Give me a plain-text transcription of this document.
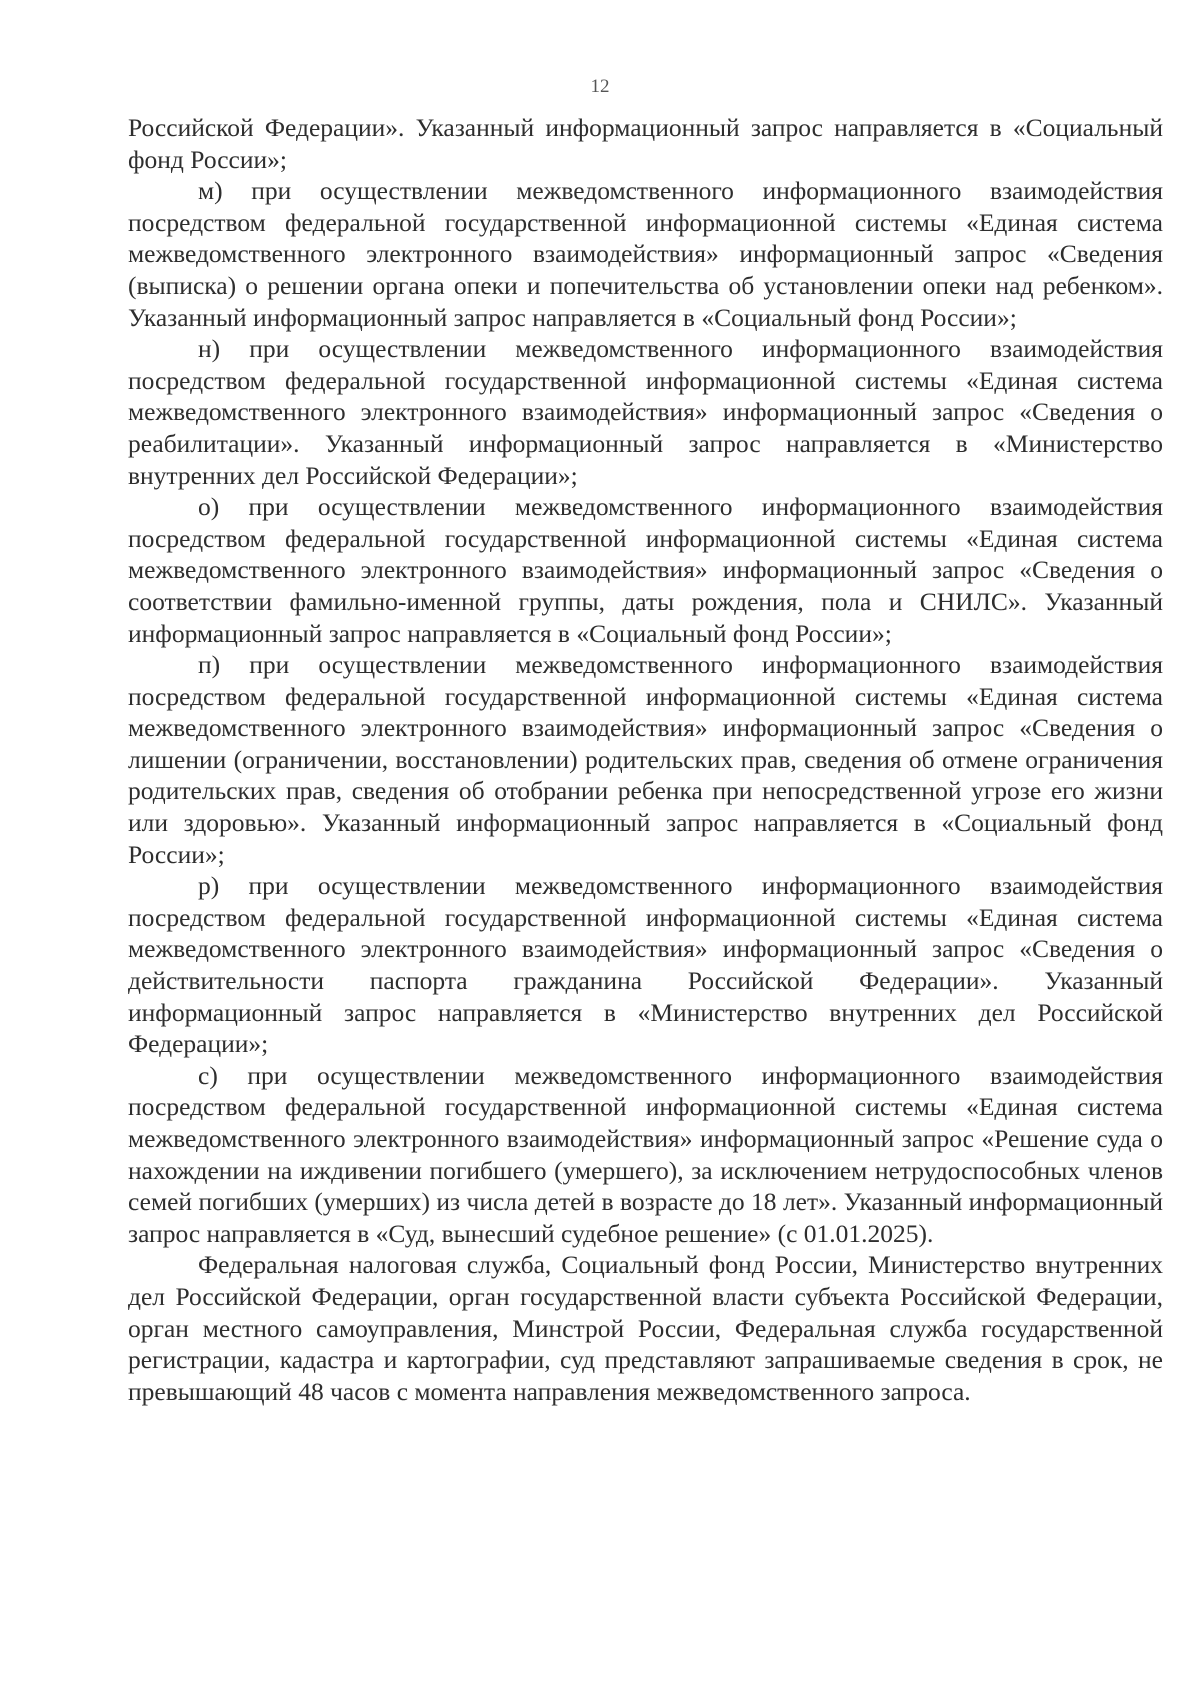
12

Российской Федерации». Указанный информационный запрос направляется в «Социальный фонд России»;

м) при осуществлении межведомственного информационного взаимодействия посредством федеральной государственной информационной системы «Единая система межведомственного электронного взаимодействия» информационный запрос «Сведения (выписка) о решении органа опеки и попечительства об установлении опеки над ребенком». Указанный информационный запрос направляется в «Социальный фонд России»;

н) при осуществлении межведомственного информационного взаимодействия посредством федеральной государственной информационной системы «Единая система межведомственного электронного взаимодействия» информационный запрос «Сведения о реабилитации». Указанный информационный запрос направляется в «Министерство внутренних дел Российской Федерации»;

о) при осуществлении межведомственного информационного взаимодействия посредством федеральной государственной информационной системы «Единая система межведомственного электронного взаимодействия» информационный запрос «Сведения о соответствии фамильно-именной группы, даты рождения, пола и СНИЛС». Указанный информационный запрос направляется в «Социальный фонд России»;

п) при осуществлении межведомственного информационного взаимодействия посредством федеральной государственной информационной системы «Единая система межведомственного электронного взаимодействия» информационный запрос «Сведения о лишении (ограничении, восстановлении) родительских прав, сведения об отмене ограничения родительских прав, сведения об отобрании ребенка при непосредственной угрозе его жизни или здоровью». Указанный информационный запрос направляется в «Социальный фонд России»;

р) при осуществлении межведомственного информационного взаимодействия посредством федеральной государственной информационной системы «Единая система межведомственного электронного взаимодействия» информационный запрос «Сведения о действительности паспорта гражданина Российской Федерации». Указанный информационный запрос направляется в «Министерство внутренних дел Российской Федерации»;

с) при осуществлении межведомственного информационного взаимодействия посредством федеральной государственной информационной системы «Единая система межведомственного электронного взаимодействия» информационный запрос «Решение суда о нахождении на иждивении погибшего (умершего), за исключением нетрудоспособных членов семей погибших (умерших) из числа детей в возрасте до 18 лет». Указанный информационный запрос направляется в «Суд, вынесший судебное решение» (с 01.01.2025).

Федеральная налоговая служба, Социальный фонд России, Министерство внутренних дел Российской Федерации, орган государственной власти субъекта Российской Федерации, орган местного самоуправления, Минстрой России, Федеральная служба государственной регистрации, кадастра и картографии, суд представляют запрашиваемые сведения в срок, не превышающий 48 часов с момента направления межведомственного запроса.
